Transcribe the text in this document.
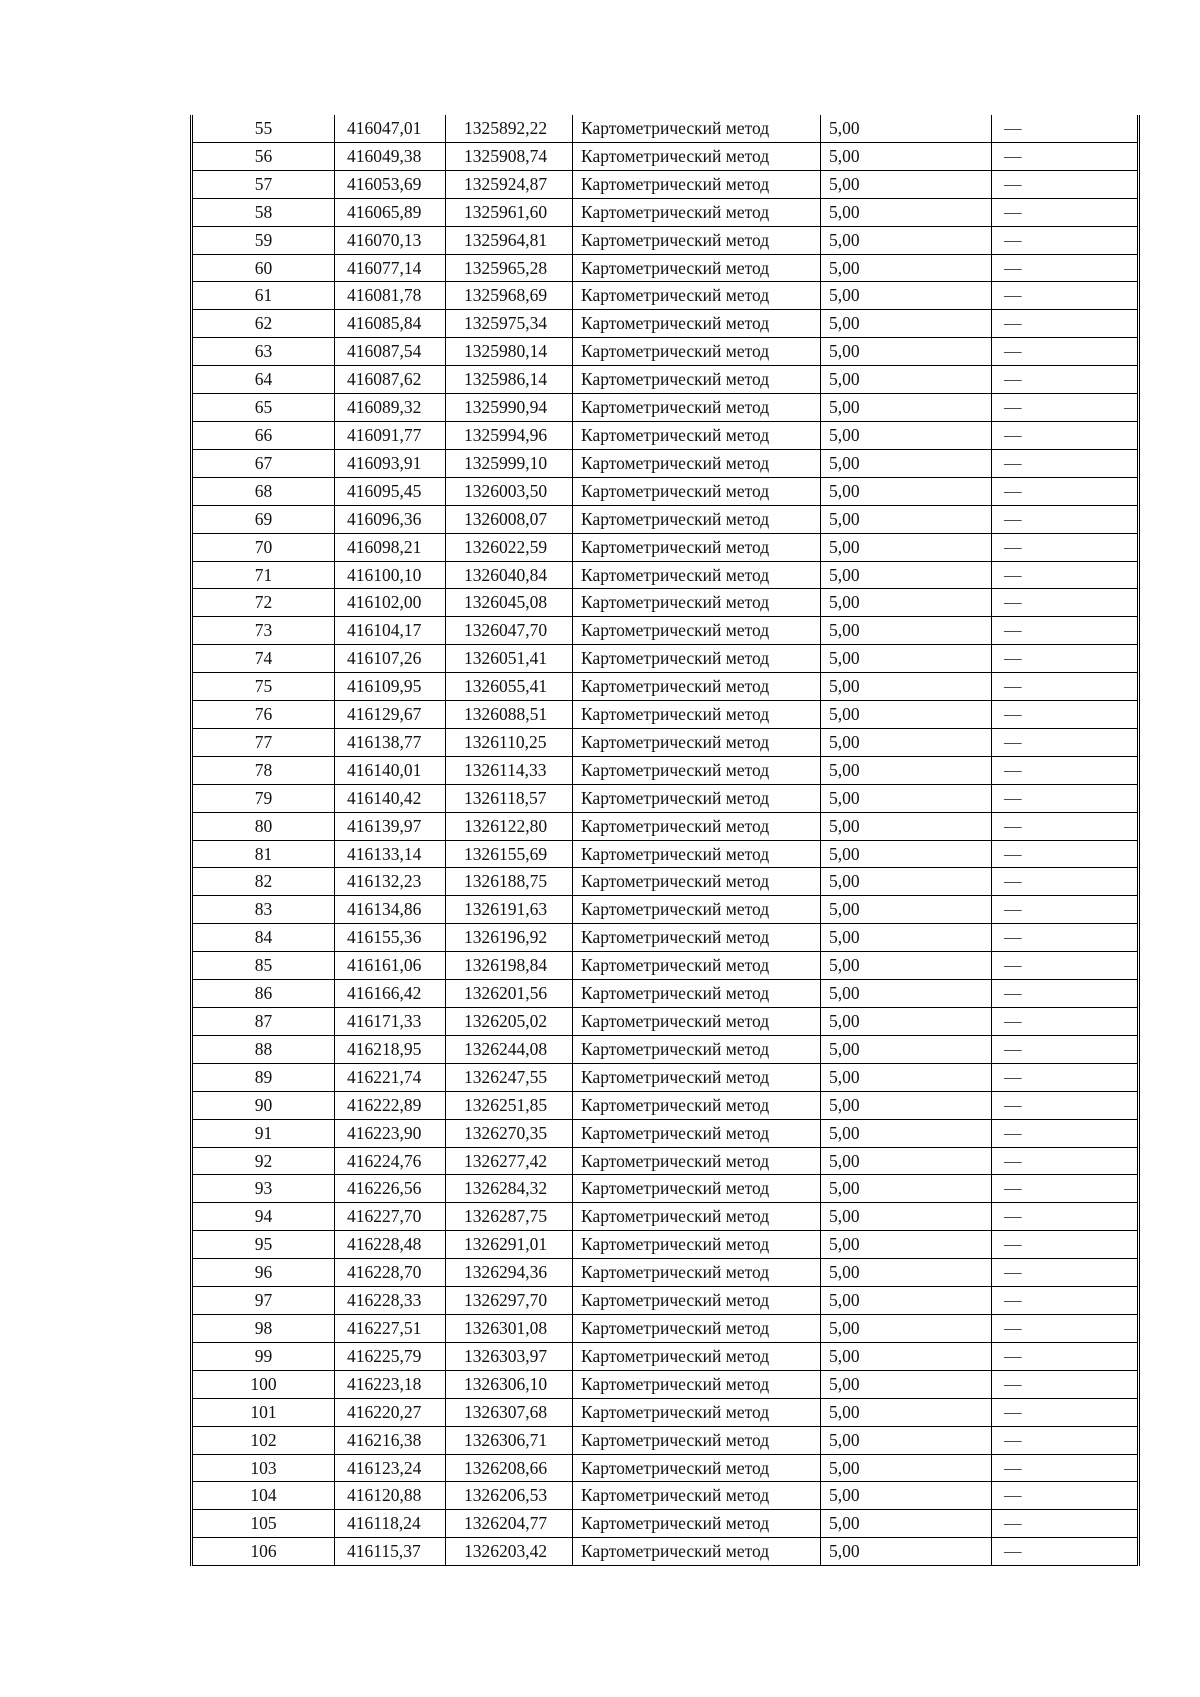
55	416047,01	1325892,22	Картометрический метод	5,00	—
56	416049,38	1325908,74	Картометрический метод	5,00	—
57	416053,69	1325924,87	Картометрический метод	5,00	—
58	416065,89	1325961,60	Картометрический метод	5,00	—
59	416070,13	1325964,81	Картометрический метод	5,00	—
60	416077,14	1325965,28	Картометрический метод	5,00	—
61	416081,78	1325968,69	Картометрический метод	5,00	—
62	416085,84	1325975,34	Картометрический метод	5,00	—
63	416087,54	1325980,14	Картометрический метод	5,00	—
64	416087,62	1325986,14	Картометрический метод	5,00	—
65	416089,32	1325990,94	Картометрический метод	5,00	—
66	416091,77	1325994,96	Картометрический метод	5,00	—
67	416093,91	1325999,10	Картометрический метод	5,00	—
68	416095,45	1326003,50	Картометрический метод	5,00	—
69	416096,36	1326008,07	Картометрический метод	5,00	—
70	416098,21	1326022,59	Картометрический метод	5,00	—
71	416100,10	1326040,84	Картометрический метод	5,00	—
72	416102,00	1326045,08	Картометрический метод	5,00	—
73	416104,17	1326047,70	Картометрический метод	5,00	—
74	416107,26	1326051,41	Картометрический метод	5,00	—
75	416109,95	1326055,41	Картометрический метод	5,00	—
76	416129,67	1326088,51	Картометрический метод	5,00	—
77	416138,77	1326110,25	Картометрический метод	5,00	—
78	416140,01	1326114,33	Картометрический метод	5,00	—
79	416140,42	1326118,57	Картометрический метод	5,00	—
80	416139,97	1326122,80	Картометрический метод	5,00	—
81	416133,14	1326155,69	Картометрический метод	5,00	—
82	416132,23	1326188,75	Картометрический метод	5,00	—
83	416134,86	1326191,63	Картометрический метод	5,00	—
84	416155,36	1326196,92	Картометрический метод	5,00	—
85	416161,06	1326198,84	Картометрический метод	5,00	—
86	416166,42	1326201,56	Картометрический метод	5,00	—
87	416171,33	1326205,02	Картометрический метод	5,00	—
88	416218,95	1326244,08	Картометрический метод	5,00	—
89	416221,74	1326247,55	Картометрический метод	5,00	—
90	416222,89	1326251,85	Картометрический метод	5,00	—
91	416223,90	1326270,35	Картометрический метод	5,00	—
92	416224,76	1326277,42	Картометрический метод	5,00	—
93	416226,56	1326284,32	Картометрический метод	5,00	—
94	416227,70	1326287,75	Картометрический метод	5,00	—
95	416228,48	1326291,01	Картометрический метод	5,00	—
96	416228,70	1326294,36	Картометрический метод	5,00	—
97	416228,33	1326297,70	Картометрический метод	5,00	—
98	416227,51	1326301,08	Картометрический метод	5,00	—
99	416225,79	1326303,97	Картометрический метод	5,00	—
100	416223,18	1326306,10	Картометрический метод	5,00	—
101	416220,27	1326307,68	Картометрический метод	5,00	—
102	416216,38	1326306,71	Картометрический метод	5,00	—
103	416123,24	1326208,66	Картометрический метод	5,00	—
104	416120,88	1326206,53	Картометрический метод	5,00	—
105	416118,24	1326204,77	Картометрический метод	5,00	—
106	416115,37	1326203,42	Картометрический метод	5,00	—
